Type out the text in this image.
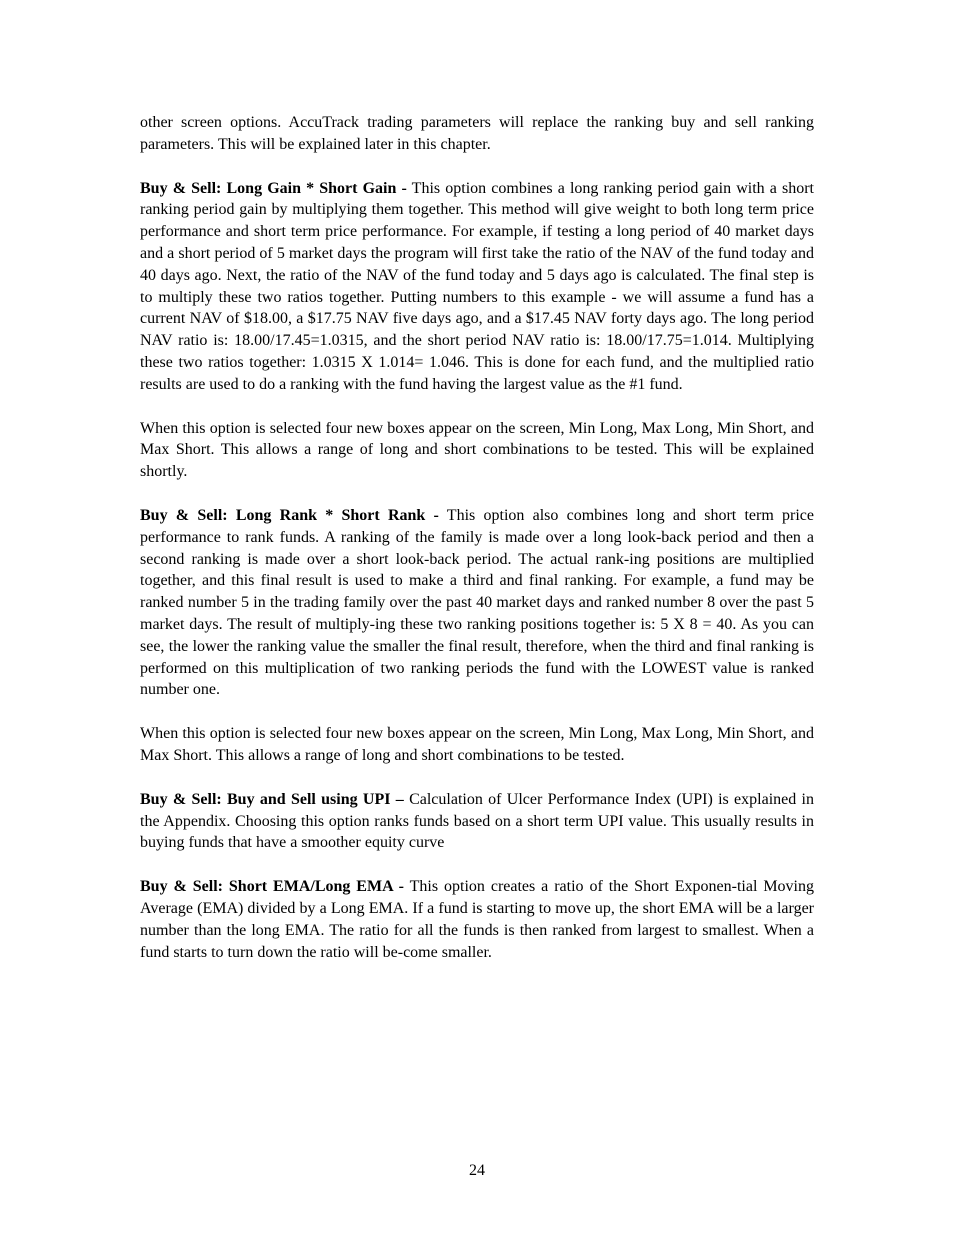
other screen options. AccuTrack trading parameters will replace the ranking buy and sell ranking parameters. This will be explained later in this chapter.

Buy & Sell: Long Gain * Short Gain - This option combines a long ranking period gain with a short ranking period gain by multiplying them together. This method will give weight to both long term price performance and short term price performance. For ex​ample, if testing a long period of 40 market days and a short period of 5 market days the program will first take the ratio of the NAV of the fund today and 40 days ago. Next, the ratio of the NAV of the fund today and 5 days ago is calculated. The final step is to mul​tiply these two ratios together. Putting numbers to this example - we will assume a fund has a current NAV of $18.00, a $17.75 NAV five days ago, and a $17.45 NAV forty days ago. The long period NAV ratio is: 18.00/17.45=1.0315, and the short period NAV ratio is: 18.00/17.75=1.014. Multiplying these two ratios together: 1.0315 X 1.014= 1.046. This is done for each fund, and the multiplied ratio results are used to do a ranking with the fund having the largest value as the #1 fund.

When this option is selected four new boxes appear on the screen, Min Long, Max Long, Min Short, and Max Short. This allows a range of long and short combinations to be tested. This will be explained shortly.

Buy & Sell: Long Rank * Short Rank - This option also combines long and short term price performance to rank funds. A ranking of the family is made over a long look-back period and then a second ranking is made over a short look-back period. The actual rank-ing positions are multiplied together, and this final result is used to make a third and final ranking. For example, a fund may be ranked number 5 in the trading family over the past 40 market days and ranked number 8 over the past 5 market days. The result of multiply-ing these two ranking positions together is: 5 X 8 = 40. As you can see, the lower the ranking value the smaller the final result, therefore, when the third and final ranking is performed on this multiplication of two ranking periods the fund with the LOWEST value is ranked number one.

When this option is selected four new boxes appear on the screen, Min Long, Max Long, Min Short, and Max Short. This allows a range of long and short combinations to be tested.

Buy & Sell: Buy and Sell using UPI – Calculation of Ulcer Performance Index (UPI) is explained in the Appendix. Choosing this option ranks funds based on a short term UPI value. This usually results in buying funds that have a smoother equity curve

Buy & Sell: Short EMA/Long EMA - This option creates a ratio of the Short Exponen-tial Moving Average (EMA) divided by a Long EMA. If a fund is starting to move up, the short EMA will be a larger number than the long EMA. The ratio for all the funds is then ranked from largest to smallest. When a fund starts to turn down the ratio will be-come smaller.

24
